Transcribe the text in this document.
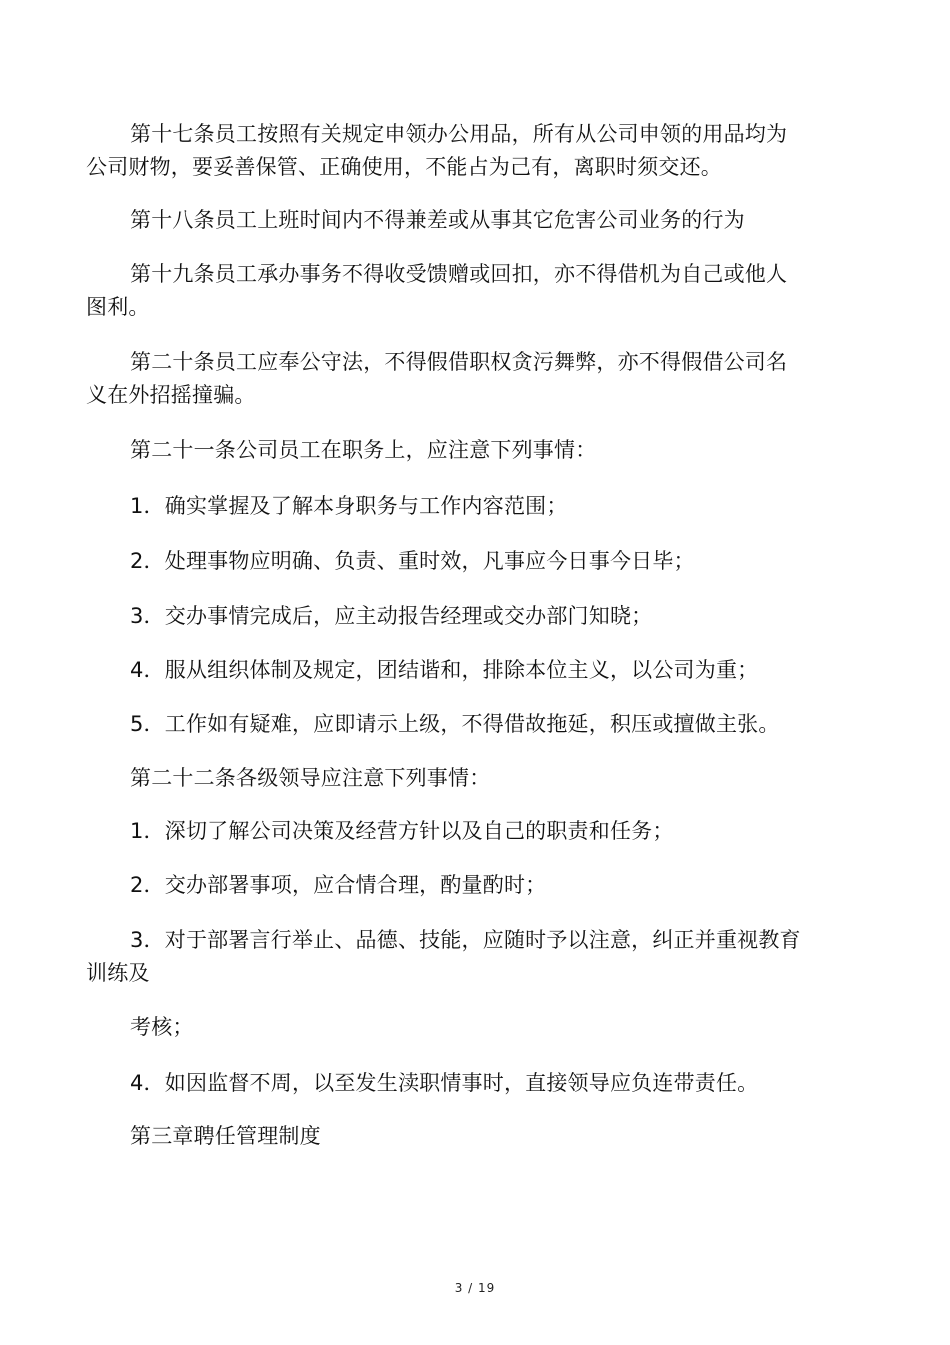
第十七条员工按照有关规定申领办公用品，所有从公司申领的用品均为公司财物，要妥善保管、正确使用，不能占为己有，离职时须交还。

第十八条员工上班时间内不得兼差或从事其它危害公司业务的行为

第十九条员工承办事务不得收受馈赠或回扣，亦不得借机为自己或他人图利。

第二十条员工应奉公守法，不得假借职权贪污舞弊，亦不得假借公司名义在外招摇撞骗。

第二十一条公司员工在职务上，应注意下列事情：

1．确实掌握及了解本身职务与工作内容范围；

2．处理事物应明确、负责、重时效，凡事应今日事今日毕；

3．交办事情完成后，应主动报告经理或交办部门知晓；

4．服从组织体制及规定，团结谐和，排除本位主义，以公司为重；

5．工作如有疑难，应即请示上级，不得借故拖延，积压或擅做主张。

第二十二条各级领导应注意下列事情：

1．深切了解公司决策及经营方针以及自己的职责和任务；

2．交办部署事项，应合情合理，酌量酌时；

3．对于部署言行举止、品德、技能，应随时予以注意，纠正并重视教育训练及

考核；

4．如因监督不周，以至发生渎职情事时，直接领导应负连带责任。

第三章聘任管理制度

3 / 19
